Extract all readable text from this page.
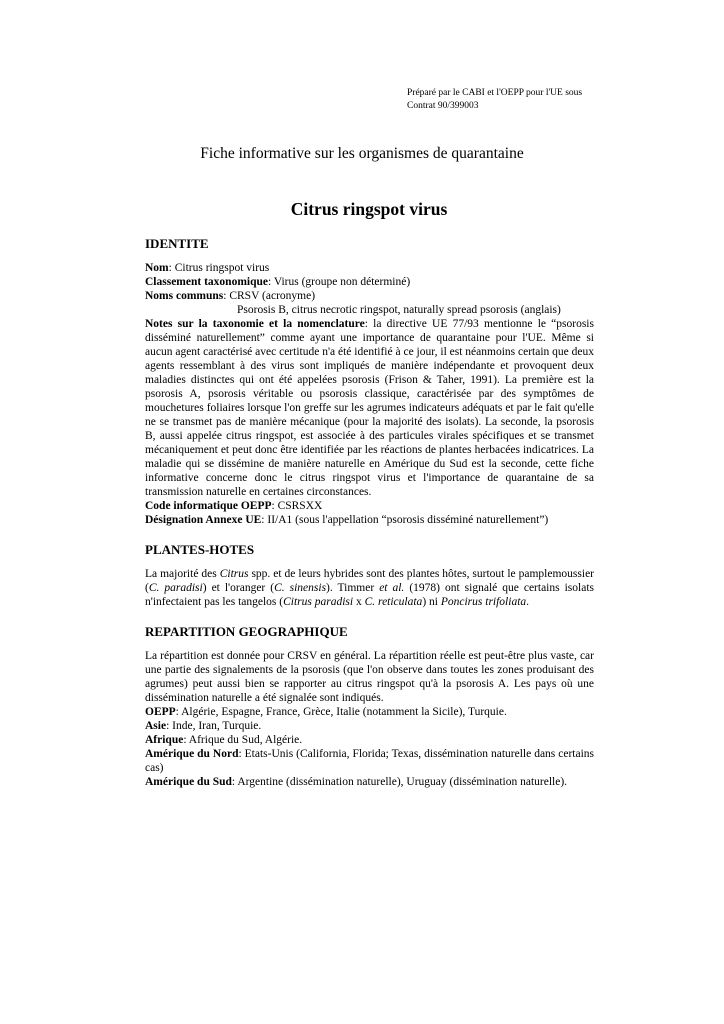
Préparé par le CABI et l'OEPP pour l'UE sous
Contrat 90/399003
Fiche informative sur les organismes de quarantaine
Citrus ringspot virus
IDENTITE

Nom: Citrus ringspot virus

Classement taxonomique: Virus (groupe non déterminé)

Noms communs: CRSV (acronyme)

Psorosis B, citrus necrotic ringspot, naturally spread psorosis (anglais)

Notes sur la taxonomie et la nomenclature: la directive UE 77/93 mentionne le “psorosis disséminé naturellement” comme ayant une importance de quarantaine pour l'UE. Même si aucun agent caractérisé avec certitude n'a été identifié à ce jour, il est néanmoins certain que deux agents ressemblant à des virus sont impliqués de manière indépendante et provoquent deux maladies distinctes qui ont été appelées psorosis (Frison & Taher, 1991). La première est la psorosis A, psorosis véritable ou psorosis classique, caractérisée par des symptômes de mouchetures foliaires lorsque l'on greffe sur les agrumes indicateurs adéquats et par le fait qu'elle ne se transmet pas de manière mécanique (pour la majorité des isolats). La seconde, la psorosis B, aussi appelée citrus ringspot, est associée à des particules virales spécifiques et se transmet mécaniquement et peut donc être identifiée par les réactions de plantes herbacées indicatrices. La maladie qui se dissémine de manière naturelle en Amérique du Sud est la seconde, cette fiche informative concerne donc le citrus ringspot virus et l'importance de quarantaine de sa transmission naturelle en certaines circonstances.

Code informatique OEPP: CSRSXX

Désignation Annexe UE: II/A1 (sous l'appellation “psorosis disséminé naturellement”)

PLANTES-HOTES

La majorité des Citrus spp. et de leurs hybrides sont des plantes hôtes, surtout le pamplemoussier (C. paradisi) et l'oranger (C. sinensis). Timmer et al. (1978) ont signalé que certains isolats n'infectaient pas les tangelos (Citrus paradisi x C. reticulata) ni Poncirus trifoliata.

REPARTITION GEOGRAPHIQUE

La répartition est donnée pour CRSV en général. La répartition réelle est peut-être plus vaste, car une partie des signalements de la psorosis (que l'on observe dans toutes les zones produisant des agrumes) peut aussi bien se rapporter au citrus ringspot qu'à la psorosis A. Les pays où une dissémination naturelle a été signalée sont indiqués.

OEPP: Algérie, Espagne, France, Grèce, Italie (notamment la Sicile), Turquie.

Asie: Inde, Iran, Turquie.

Afrique: Afrique du Sud, Algérie.

Amérique du Nord: Etats-Unis (California, Florida; Texas, dissémination naturelle dans certains cas)

Amérique du Sud: Argentine (dissémination naturelle), Uruguay (dissémination naturelle).
